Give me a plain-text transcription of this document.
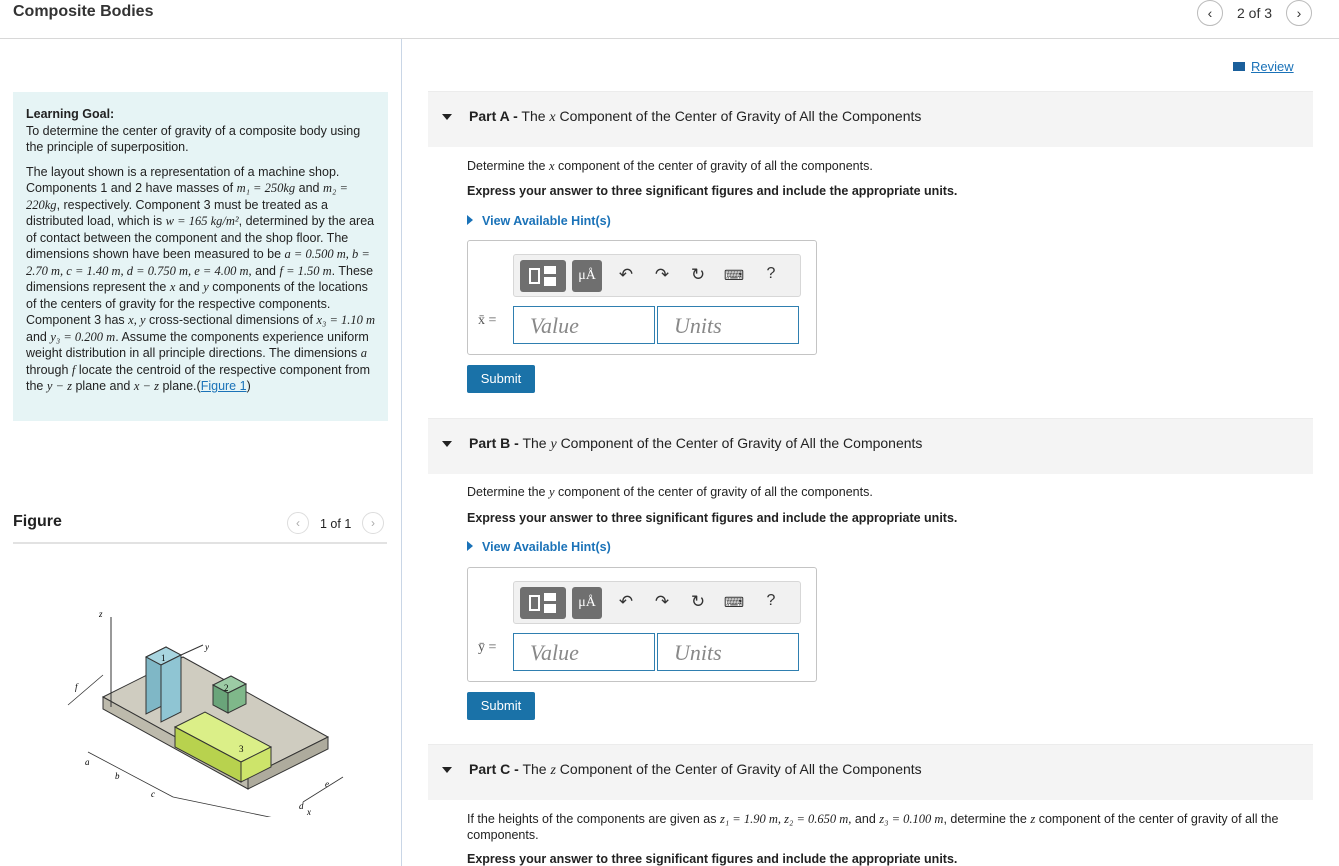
Composite Bodies	‹	2 of 3	›

Learning Goal:
To determine the center of gravity of a composite body using the principle of superposition.

The layout shown is a representation of a machine shop. Components 1 and 2 have masses of m₁ = 250kg and m₂ = 220kg, respectively. Component 3 must be treated as a distributed load, which is w = 165 kg/m², determined by the area of contact between the component and the shop floor. The dimensions shown have been measured to be a = 0.500 m, b = 2.70 m, c = 1.40 m, d = 0.750 m, e = 4.00 m, and f = 1.50 m. These dimensions represent the x and y components of the locations of the centers of gravity for the respective components. Component 3 has x, y cross-sectional dimensions of x₃ = 1.10 m and y₃ = 0.200 m. Assume the components experience uniform weight distribution in all principle directions. The dimensions a through f locate the centroid of the respective component from the y − z plane and x − z plane.(Figure 1)

Figure	‹	1 of 1	›
z
1
y
2
3
a
b
c
d
e
f
x
Review
Part A - The x Component of the Center of Gravity of All the Components
Determine the x component of the center of gravity of all the components.
Express your answer to three significant figures and include the appropriate units.
View Available Hint(s)
μÅ	↶ ↷ ↻ ⌨	?
x̄ =	Value	Units
Submit
Part B - The y Component of the Center of Gravity of All the Components
Determine the y component of the center of gravity of all the components.
Express your answer to three significant figures and include the appropriate units.
View Available Hint(s)
μÅ	↶ ↷ ↻ ⌨	?
ȳ =	Value	Units
Submit
Part C - The z Component of the Center of Gravity of All the Components
If the heights of the components are given as z₁ = 1.90 m, z₂ = 0.650 m, and z₃ = 0.100 m, determine the z component of the center of gravity of all the components.
Express your answer to three significant figures and include the appropriate units.
